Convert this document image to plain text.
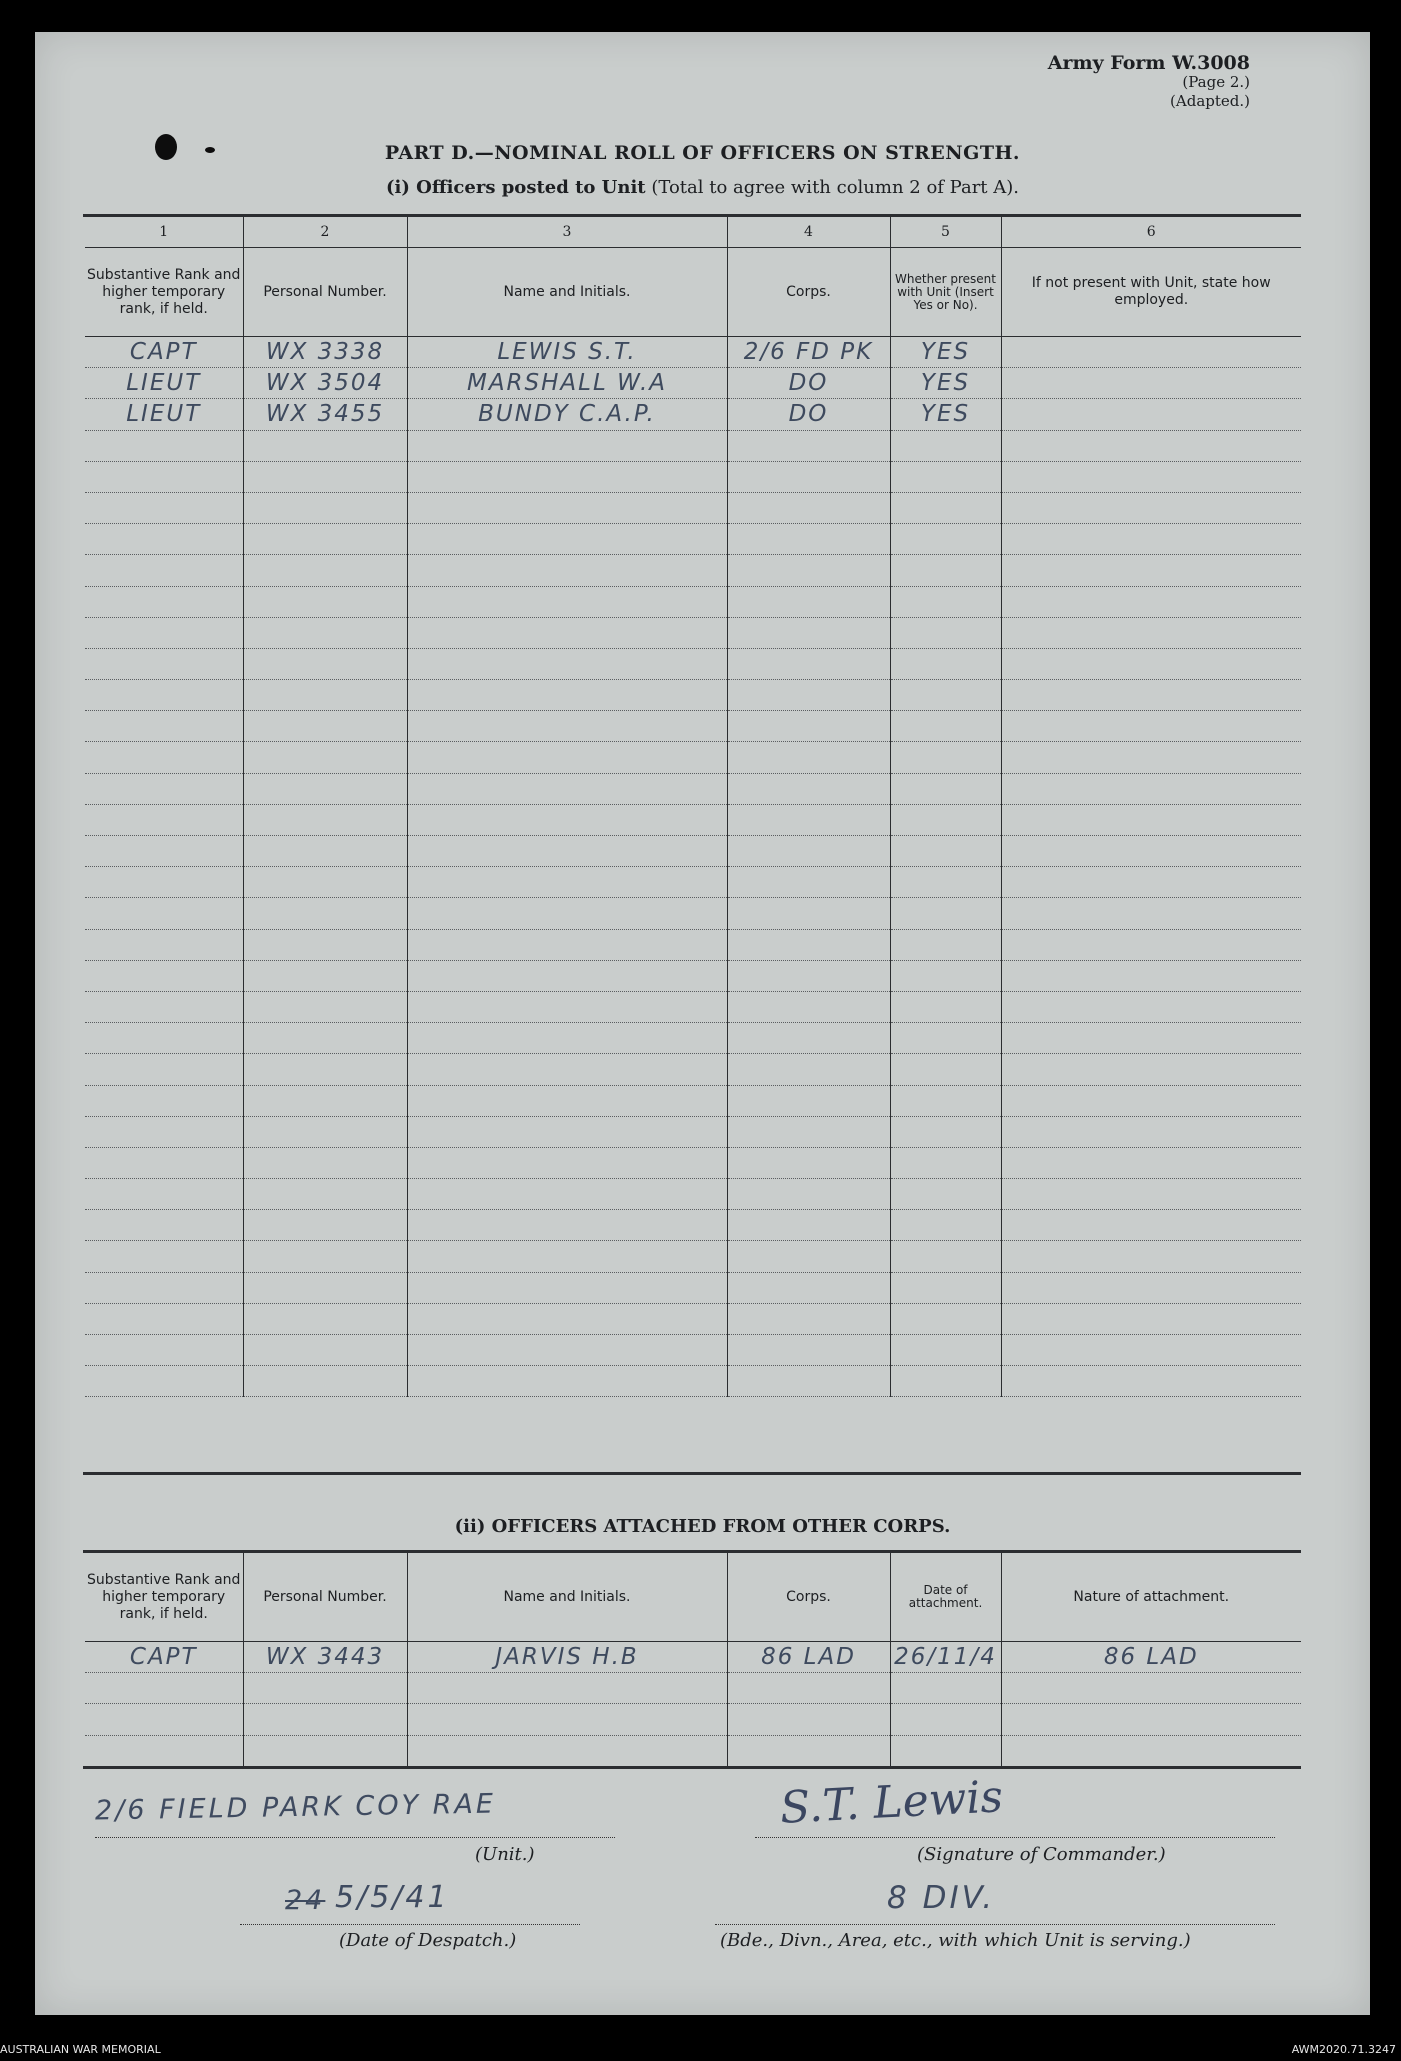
Army Form W.3008
(Page 2.)
(Adapted.)
PART D.—NOMINAL ROLL OF OFFICERS ON STRENGTH.
(i) Officers posted to Unit (Total to agree with column 2 of Part A).
1	2	3	4	5	6
Substantive Rank and higher temporary rank, if held.	Personal Number.	Name and Initials.	Corps.	Whether present with Unit (Insert Yes or No).	If not present with Unit, state how employed.
CAPT	WX 3338	LEWIS S.T.	2/6 FD PK	YES	
LIEUT	WX 3504	MARSHALL W.A	DO	YES	
LIEUT	WX 3455	BUNDY C.A.P.	DO	YES	

(ii) OFFICERS ATTACHED FROM OTHER CORPS.
Substantive Rank and higher temporary rank, if held.	Personal Number.	Name and Initials.	Corps.	Date of attachment.	Nature of attachment.
CAPT	WX 3443	JARVIS H.B	86 LAD	26/11/4	86 LAD

2/6 FIELD PARK COY RAE
(Unit.)
S.T. Lewis
(Signature of Commander.)
24 5/5/41
(Date of Despatch.)
8 DIV.
(Bde., Divn., Area, etc., with which Unit is serving.)
AUSTRALIAN WAR MEMORIAL	AWM2020.71.3247
